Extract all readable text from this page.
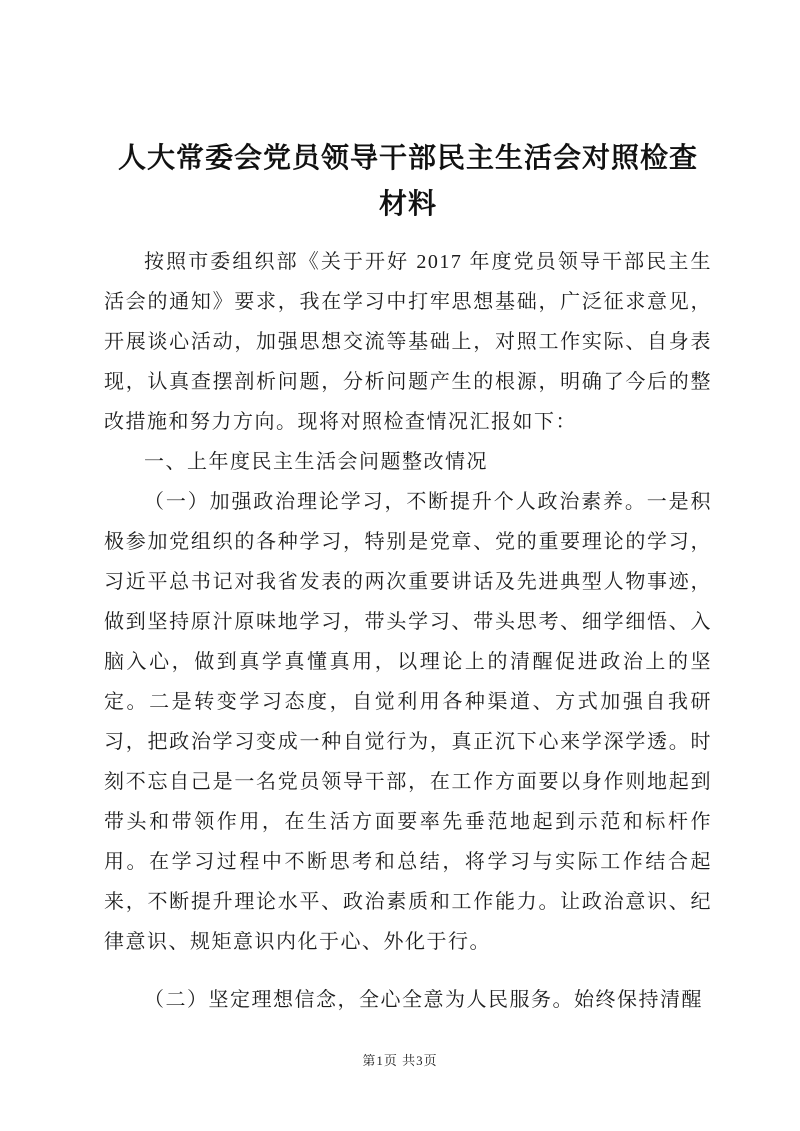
人大常委会党员领导干部民主生活会对照检查材料

按照市委组织部《关于开好 2017 年度党员领导干部民主生活会的通知》要求，我在学习中打牢思想基础，广泛征求意见，开展谈心活动，加强思想交流等基础上，对照工作实际、自身表现，认真查摆剖析问题，分析问题产生的根源，明确了今后的整改措施和努力方向。现将对照检查情况汇报如下：

一、上年度民主生活会问题整改情况

（一）加强政治理论学习，不断提升个人政治素养。一是积极参加党组织的各种学习，特别是党章、党的重要理论的学习，习近平总书记对我省发表的两次重要讲话及先进典型人物事迹，做到坚持原汁原味地学习，带头学习、带头思考、细学细悟、入脑入心，做到真学真懂真用，以理论上的清醒促进政治上的坚定。二是转变学习态度，自觉利用各种渠道、方式加强自我研习，把政治学习变成一种自觉行为，真正沉下心来学深学透。时刻不忘自己是一名党员领导干部，在工作方面要以身作则地起到带头和带领作用，在生活方面要率先垂范地起到示范和标杆作用。在学习过程中不断思考和总结，将学习与实际工作结合起来，不断提升理论水平、政治素质和工作能力。让政治意识、纪律意识、规矩意识内化于心、外化于行。

（二）坚定理想信念，全心全意为人民服务。始终保持清醒

第1页 共3页
